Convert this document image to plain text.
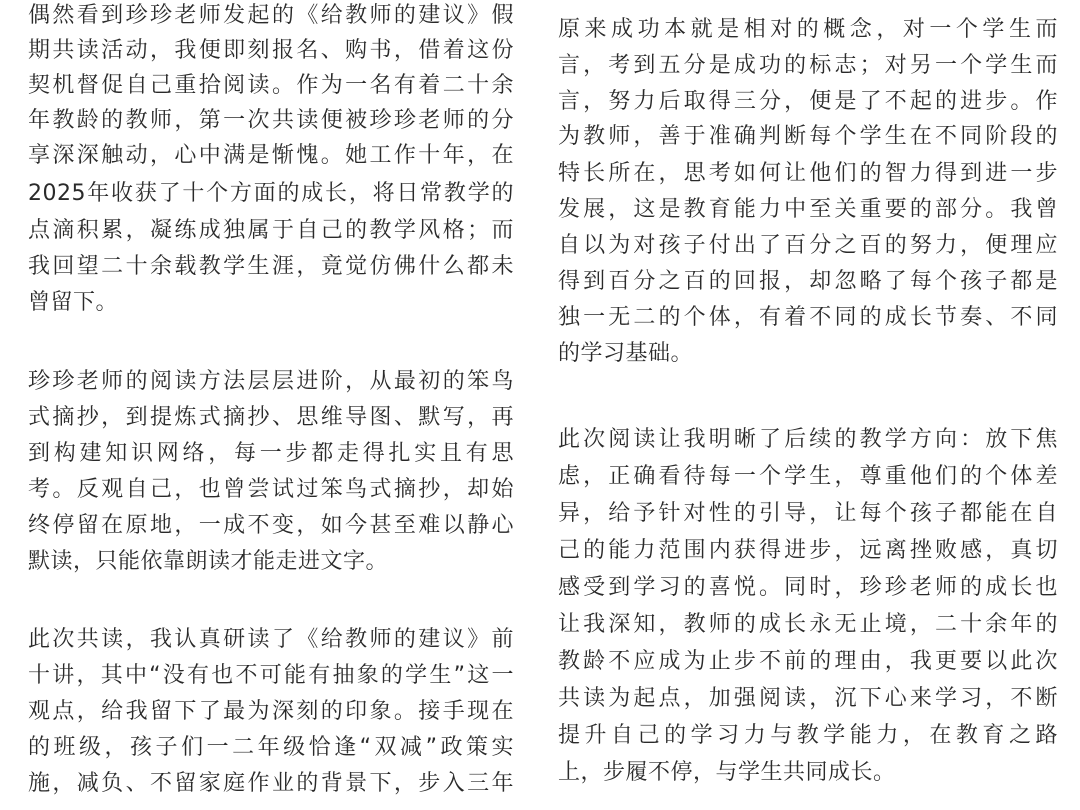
偶然看到珍珍老师发起的《给教师的建议》假
期共读活动，我便即刻报名、购书，借着这份
契机督促自己重拾阅读。作为一名有着二十余
年教龄的教师，第一次共读便被珍珍老师的分
享深深触动，心中满是惭愧。她工作十年，在
2025年收获了十个方面的成长，将日常教学的
点滴积累，凝练成独属于自己的教学风格；而
我回望二十余载教学生涯，竟觉仿佛什么都未
曾留下。
珍珍老师的阅读方法层层进阶，从最初的笨鸟
式摘抄，到提炼式摘抄、思维导图、默写，再
到构建知识网络，每一步都走得扎实且有思
考。反观自己，也曾尝试过笨鸟式摘抄，却始
终停留在原地，一成不变，如今甚至难以静心
默读，只能依靠朗读才能走进文字。
此次共读，我认真研读了《给教师的建议》前
十讲，其中“没有也不可能有抽象的学生”这一
观点，给我留下了最为深刻的印象。接手现在
的班级，孩子们一二年级恰逢“双减”政策实
施，减负、不留家庭作业的背景下，步入三年
原来成功本就是相对的概念，对一个学生而
言，考到五分是成功的标志；对另一个学生而
言，努力后取得三分，便是了不起的进步。作
为教师，善于准确判断每个学生在不同阶段的
特长所在，思考如何让他们的智力得到进一步
发展，这是教育能力中至关重要的部分。我曾
自以为对孩子付出了百分之百的努力，便理应
得到百分之百的回报，却忽略了每个孩子都是
独一无二的个体，有着不同的成长节奏、不同
的学习基础。
此次阅读让我明晰了后续的教学方向：放下焦
虑，正确看待每一个学生，尊重他们的个体差
异，给予针对性的引导，让每个孩子都能在自
己的能力范围内获得进步，远离挫败感，真切
感受到学习的喜悦。同时，珍珍老师的成长也
让我深知，教师的成长永无止境，二十余年的
教龄不应成为止步不前的理由，我更要以此次
共读为起点，加强阅读，沉下心来学习，不断
提升自己的学习力与教学能力，在教育之路
上，步履不停，与学生共同成长。
